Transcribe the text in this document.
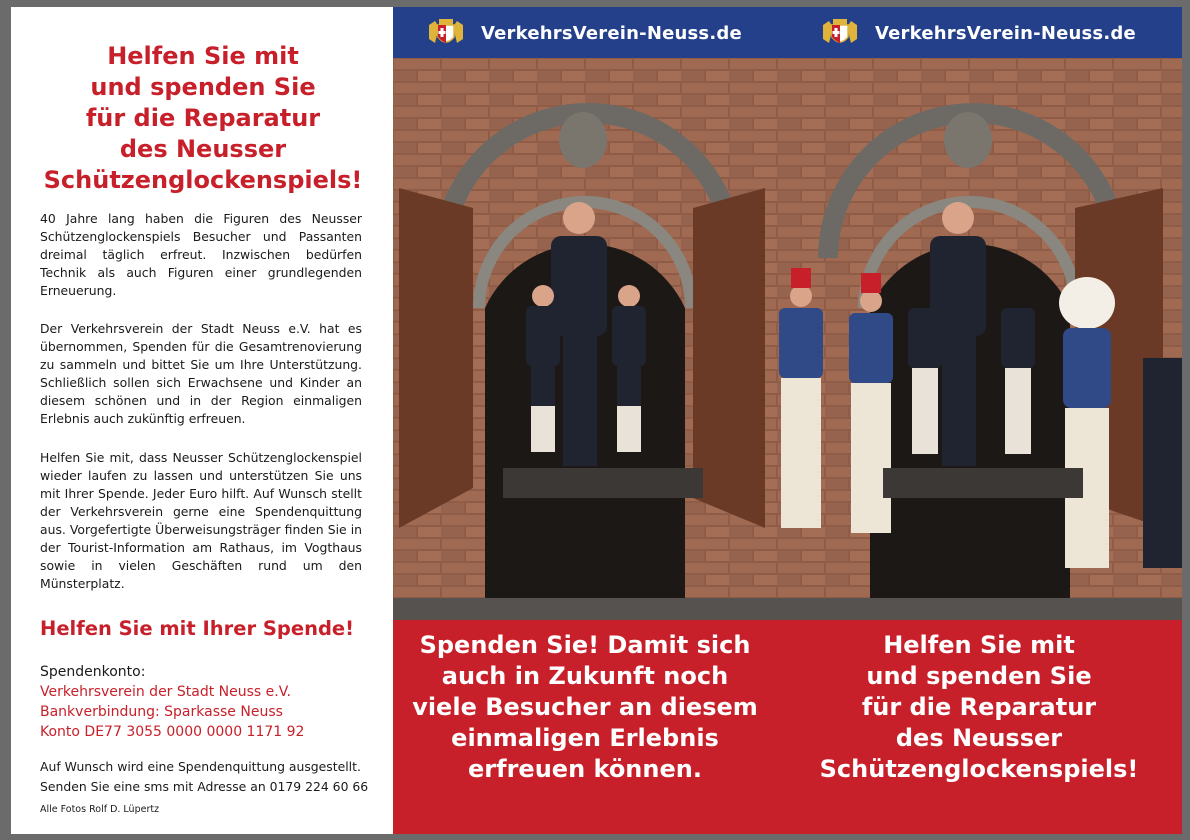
Helfen Sie mit
und spenden Sie
für die Reparatur
des Neusser
Schützenglockenspiels!

40 Jahre lang haben die Figuren des Neusser Schützenglockenspiels Besucher und Passanten dreimal täglich erfreut. Inzwischen bedürfen Technik als auch Figuren einer grundlegenden Erneuerung.

Der Verkehrsverein der Stadt Neuss e.V. hat es übernommen, Spenden für die Gesamtrenovierung zu sammeln und bittet Sie um Ihre Unterstützung. Schließlich sollen sich Erwachsene und Kinder an diesem schönen und in der Region einmaligen Erlebnis auch zukünftig erfreuen.

Helfen Sie mit, dass Neusser Schützenglockenspiel wieder laufen zu lassen und unterstützen Sie uns mit Ihrer Spende. Jeder Euro hilft. Auf Wunsch stellt der Verkehrsverein gerne eine Spendenquittung aus. Vorgefertigte Überweisungsträger finden Sie in der Tourist-Information am Rathaus, im Vogthaus sowie in vielen Geschäften rund um den Münsterplatz.

Helfen Sie mit Ihrer Spende!
Spendenkonto:
Verkehrsverein der Stadt Neuss e.V.
Bankverbindung: Sparkasse Neuss
Konto DE77 3055 0000 0000 1171 92
Auf Wunsch wird eine Spendenquittung ausgestellt.
Senden Sie eine sms mit Adresse an 0179 224 60 66
Alle Fotos Rolf D. Lüpertz
VerkehrsVerein-Neuss.de	VerkehrsVerein-Neuss.de
Spenden Sie! Damit sich
auch in Zukunft noch
viele Besucher an diesem
einmaligen Erlebnis
erfreuen können.
Helfen Sie mit
und spenden Sie
für die Reparatur
des Neusser
Schützenglockenspiels!
